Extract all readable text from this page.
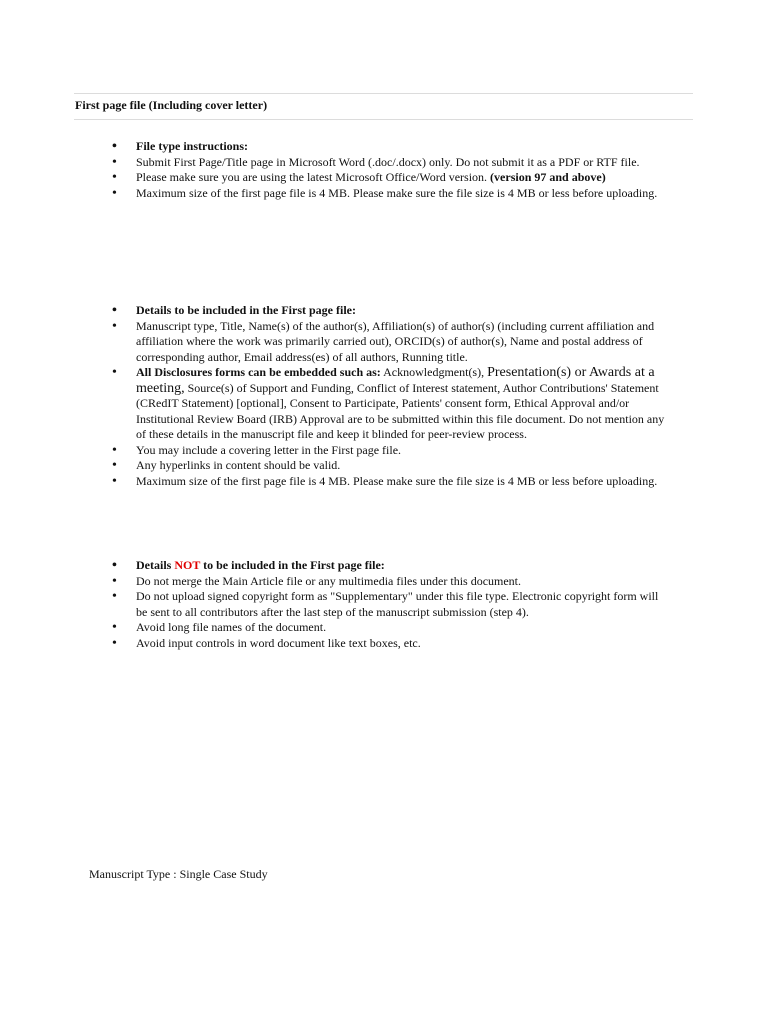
First page file (Including cover letter)
• File type instructions:
• Submit First Page/Title page in Microsoft Word (.doc/.docx) only. Do not submit it as a PDF or RTF file.
• Please make sure you are using the latest Microsoft Office/Word version. (version 97 and above)
• Maximum size of the first page file is 4 MB. Please make sure the file size is 4 MB or less before uploading.
• Details to be included in the First page file:
• Manuscript type, Title, Name(s) of the author(s), Affiliation(s) of author(s) (including current affiliation and affiliation where the work was primarily carried out), ORCID(s) of author(s), Name and postal address of corresponding author, Email address(es) of all authors, Running title.
• All Disclosures forms can be embedded such as: Acknowledgment(s), Presentation(s) or Awards at a meeting, Source(s) of Support and Funding, Conflict of Interest statement, Author Contributions' Statement (CRedIT Statement) [optional], Consent to Participate, Patients' consent form, Ethical Approval and/or Institutional Review Board (IRB) Approval are to be submitted within this file document. Do not mention any of these details in the manuscript file and keep it blinded for peer-review process.
• You may include a covering letter in the First page file.
• Any hyperlinks in content should be valid.
• Maximum size of the first page file is 4 MB. Please make sure the file size is 4 MB or less before uploading.
• Details NOT to be included in the First page file:
• Do not merge the Main Article file or any multimedia files under this document.
• Do not upload signed copyright form as "Supplementary" under this file type. Electronic copyright form will be sent to all contributors after the last step of the manuscript submission (step 4).
• Avoid long file names of the document.
• Avoid input controls in word document like text boxes, etc.
Manuscript Type : Single Case Study
